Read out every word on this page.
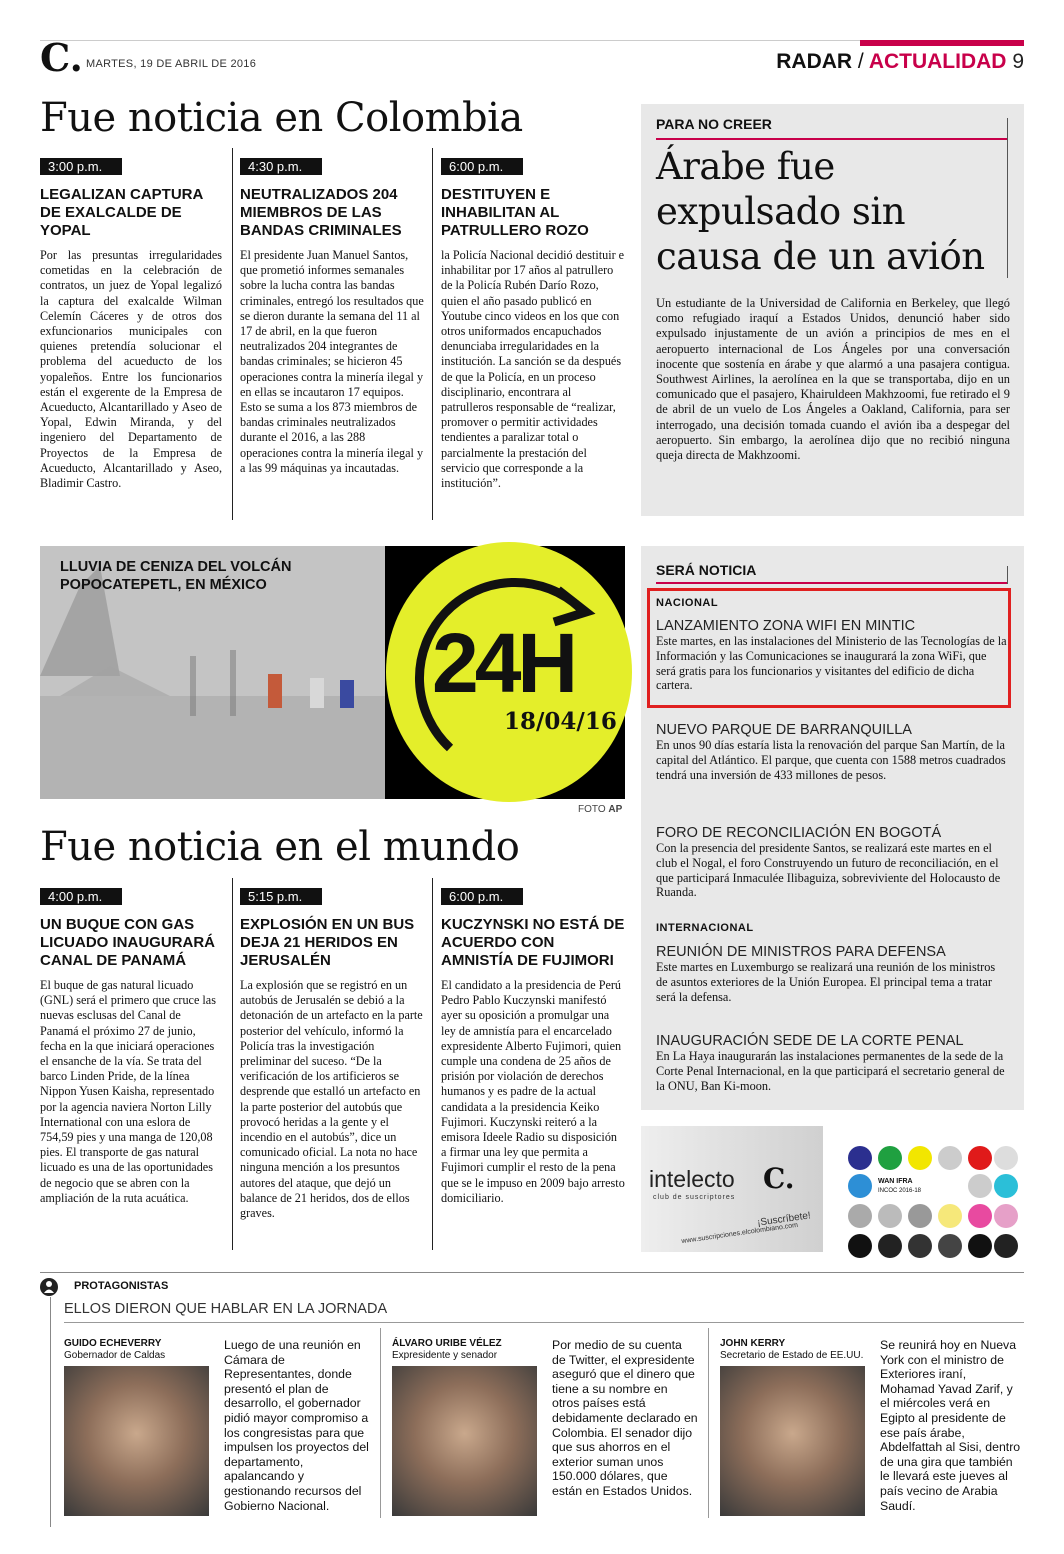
C. MARTES, 19 DE ABRIL DE 2016	RADAR / ACTUALIDAD 9
Fue noticia en Colombia
3:00 p.m.
LEGALIZAN CAPTURA DE EXALCALDE DE YOPAL
Por las presuntas irregularidades cometidas en la celebración de contratos, un juez de Yopal legalizó la captura del exalcalde Wilman Celemín Cáceres y de otros dos exfuncionarios municipales con quienes pretendía solucionar el problema del acueducto de los yopaleños. Entre los funcionarios están el exgerente de la Empresa de Acueducto, Alcantarillado y Aseo de Yopal, Edwin Miranda, y del ingeniero del Departamento de Proyectos de la Empresa de Acueducto, Alcantarillado y Aseo, Bladimir Castro.
4:30 p.m.
NEUTRALIZADOS 204 MIEMBROS DE LAS BANDAS CRIMINALES
El presidente Juan Manuel Santos, que prometió informes semanales sobre la lucha contra las bandas criminales, entregó los resultados que se dieron durante la semana del 11 al 17 de abril, en la que fueron neutralizados 204 integrantes de bandas criminales; se hicieron 45 operaciones contra la minería ilegal y en ellas se incautaron 17 equipos. Esto se suma a los 873 miembros de bandas criminales neutralizados durante el 2016, a las 288 operaciones contra la minería ilegal y a las 99 máquinas ya incautadas.
6:00 p.m.
DESTITUYEN E INHABILITAN AL PATRULLERO ROZO
la Policía Nacional decidió destituir e inhabilitar por 17 años al patrullero de la Policía Rubén Darío Rozo, quien el año pasado publicó en Youtube cinco videos en los que con otros uniformados encapuchados denunciaba irregularidades en la institución. La sanción se da después de que la Policía, en un proceso disciplinario, encontrara al patrulleros responsable de “realizar, promover o permitir actividades tendientes a paralizar total o parcialmente la prestación del servicio que corresponde a la institución”.
PARA NO CREER
Árabe fue expulsado sin causa de un avión
Un estudiante de la Universidad de California en Berkeley, que llegó como refugiado iraquí a Estados Unidos, denunció haber sido expulsado injustamente de un avión a principios de mes en el aeropuerto internacional de Los Ángeles por una conversación inocente que sostenía en árabe y que alarmó a una pasajera contigua. Southwest Airlines, la aerolínea en la que se transportaba, dijo en un comunicado que el pasajero, Khairuldeen Makhzoomi, fue retirado el 9 de abril de un vuelo de Los Ángeles a Oakland, California, para ser interrogado, una decisión tomada cuando el avión iba a despegar del aeropuerto. Sin embargo, la aerolínea dijo que no recibió ninguna queja directa de Makhzoomi.
LLUVIA DE CENIZA DEL VOLCÁN POPOCATEPETL, EN MÉXICO
24H
18/04/16
FOTO AP
SERÁ NOTICIA
NACIONAL
LANZAMIENTO ZONA WIFI EN MINTIC
Este martes, en las instalaciones del Ministerio de las Tecnologías de la Información y las Comunicaciones se inaugurará la zona WiFi, que será gratis para los funcionarios y visitantes del edificio de dicha cartera.
NUEVO PARQUE DE BARRANQUILLA
En unos 90 días estaría lista la renovación del parque San Martín, de la capital del Atlántico. El parque, que cuenta con 1588 metros cuadrados tendrá una inversión de 433 millones de pesos.
FORO DE RECONCILIACIÓN EN BOGOTÁ
Con la presencia del presidente Santos, se realizará este martes en el club el Nogal, el foro Construyendo un futuro de reconciliación, en el que participará Inmaculée Ilibaguiza, sobreviviente del Holocausto de Ruanda.
INTERNACIONAL
REUNIÓN DE MINISTROS PARA DEFENSA
Este martes en Luxemburgo se realizará una reunión de los ministros de asuntos exteriores de la Unión Europea. El principal tema a tratar será la defensa.
INAUGURACIÓN SEDE DE LA CORTE PENAL
En La Haya inaugurarán las instalaciones permanentes de la sede de la Corte Penal Internacional, en la que participará el secretario general de la ONU, Ban Ki-moon.
Fue noticia en el mundo
4:00 p.m.
UN BUQUE CON GAS LICUADO INAUGURARÁ CANAL DE PANAMÁ
El buque de gas natural licuado (GNL) será el primero que cruce las nuevas esclusas del Canal de Panamá el próximo 27 de junio, fecha en la que iniciará operaciones el ensanche de la vía. Se trata del barco Linden Pride, de la línea Nippon Yusen Kaisha, representado por la agencia naviera Norton Lilly International con una eslora de 754,59 pies y una manga de 120,08 pies. El transporte de gas natural licuado es una de las oportunidades de negocio que se abren con la ampliación de la ruta acuática.
5:15 p.m.
EXPLOSIÓN EN UN BUS DEJA 21 HERIDOS EN JERUSALÉN
La explosión que se registró en un autobús de Jerusalén se debió a la detonación de un artefacto en la parte posterior del vehículo, informó la Policía tras la investigación preliminar del suceso. “De la verificación de los artificieros se desprende que estalló un artefacto en la parte posterior del autobús que provocó heridas a la gente y el incendio en el autobús”, dice un comunicado oficial. La nota no hace ninguna mención a los presuntos autores del ataque, que dejó un balance de 21 heridos, dos de ellos graves.
6:00 p.m.
KUCZYNSKI NO ESTÁ DE ACUERDO CON AMNISTÍA DE FUJIMORI
El candidato a la presidencia de Perú Pedro Pablo Kuczynski manifestó ayer su oposición a promulgar una ley de amnistía para el encarcelado expresidente Alberto Fujimori, quien cumple una condena de 25 años de prisión por violación de derechos humanos y es padre de la actual candidata a la presidencia Keiko Fujimori. Kuczynski reiteró a la emisora Ideele Radio su disposición a firmar una ley que permita a Fujimori cumplir el resto de la pena que se le impuso en 2009 bajo arresto domiciliario.
intelecto
club de suscriptores
C.
¡Suscríbete!
www.suscripciones.elcolombiano.com
WAN IFRA
INCOC 2016-18
PROTAGONISTAS
ELLOS DIERON QUE HABLAR EN LA JORNADA
GUIDO ECHEVERRY
Gobernador de Caldas
Luego de una reunión en Cámara de Representantes, donde presentó el plan de desarrollo, el gobernador pidió mayor compromiso a los congresistas para que impulsen los proyectos del departamento, apalancando y gestionando recursos del Gobierno Nacional.
ÁLVARO URIBE VÉLEZ
Expresidente y senador
Por medio de su cuenta de Twitter, el expresidente aseguró que el dinero que tiene a su nombre en otros países está debidamente declarado en Colombia. El senador dijo que sus ahorros en el exterior suman unos 150.000 dólares, que están en Estados Unidos.
JOHN KERRY
Secretario de Estado de EE.UU.
Se reunirá hoy en Nueva York con el ministro de Exteriores iraní, Mohamad Yavad Zarif, y el miércoles verá en Egipto al presidente de ese país árabe, Abdelfattah al Sisi, dentro de una gira que también le llevará este jueves al país vecino de Arabia Saudí.
